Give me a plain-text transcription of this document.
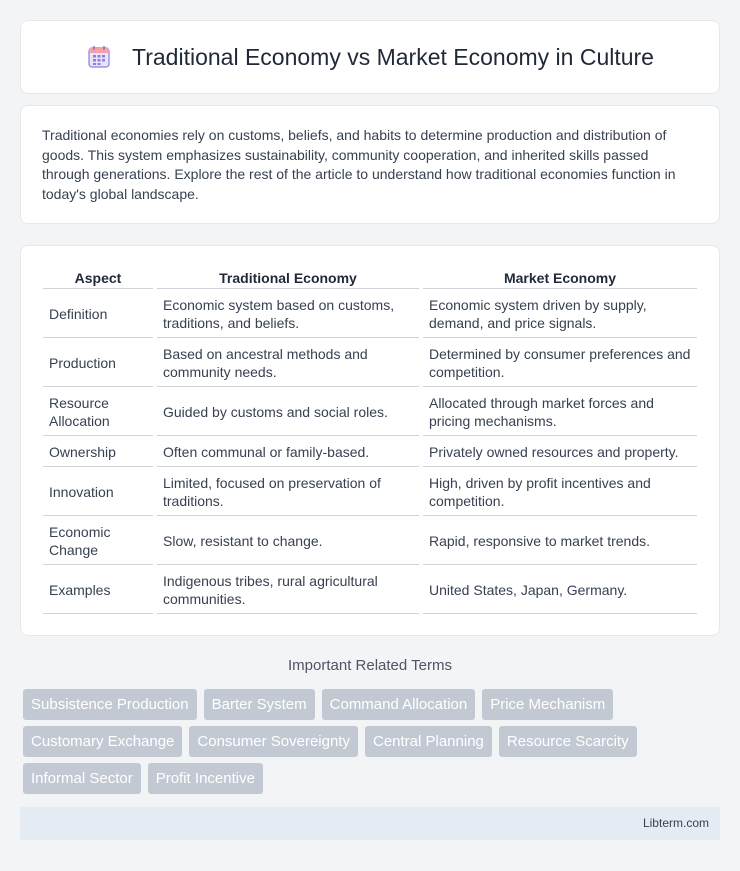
Traditional Economy vs Market Economy in Culture

Traditional economies rely on customs, beliefs, and habits to determine production and distribution of goods. This system emphasizes sustainability, community cooperation, and inherited skills passed through generations. Explore the rest of the article to understand how traditional economies function in today's global landscape.

Aspect	Traditional Economy	Market Economy
Definition	Economic system based on customs, traditions, and beliefs.	Economic system driven by supply, demand, and price signals.
Production	Based on ancestral methods and community needs.	Determined by consumer preferences and competition.
Resource Allocation	Guided by customs and social roles.	Allocated through market forces and pricing mechanisms.
Ownership	Often communal or family-based.	Privately owned resources and property.
Innovation	Limited, focused on preservation of traditions.	High, driven by profit incentives and competition.
Economic Change	Slow, resistant to change.	Rapid, responsive to market trends.
Examples	Indigenous tribes, rural agricultural communities.	United States, Japan, Germany.
Important Related Terms
Subsistence Production	Barter System	Command Allocation	Price Mechanism
Customary Exchange	Consumer Sovereignty	Central Planning	Resource Scarcity
Informal Sector	Profit Incentive
Libterm.com
